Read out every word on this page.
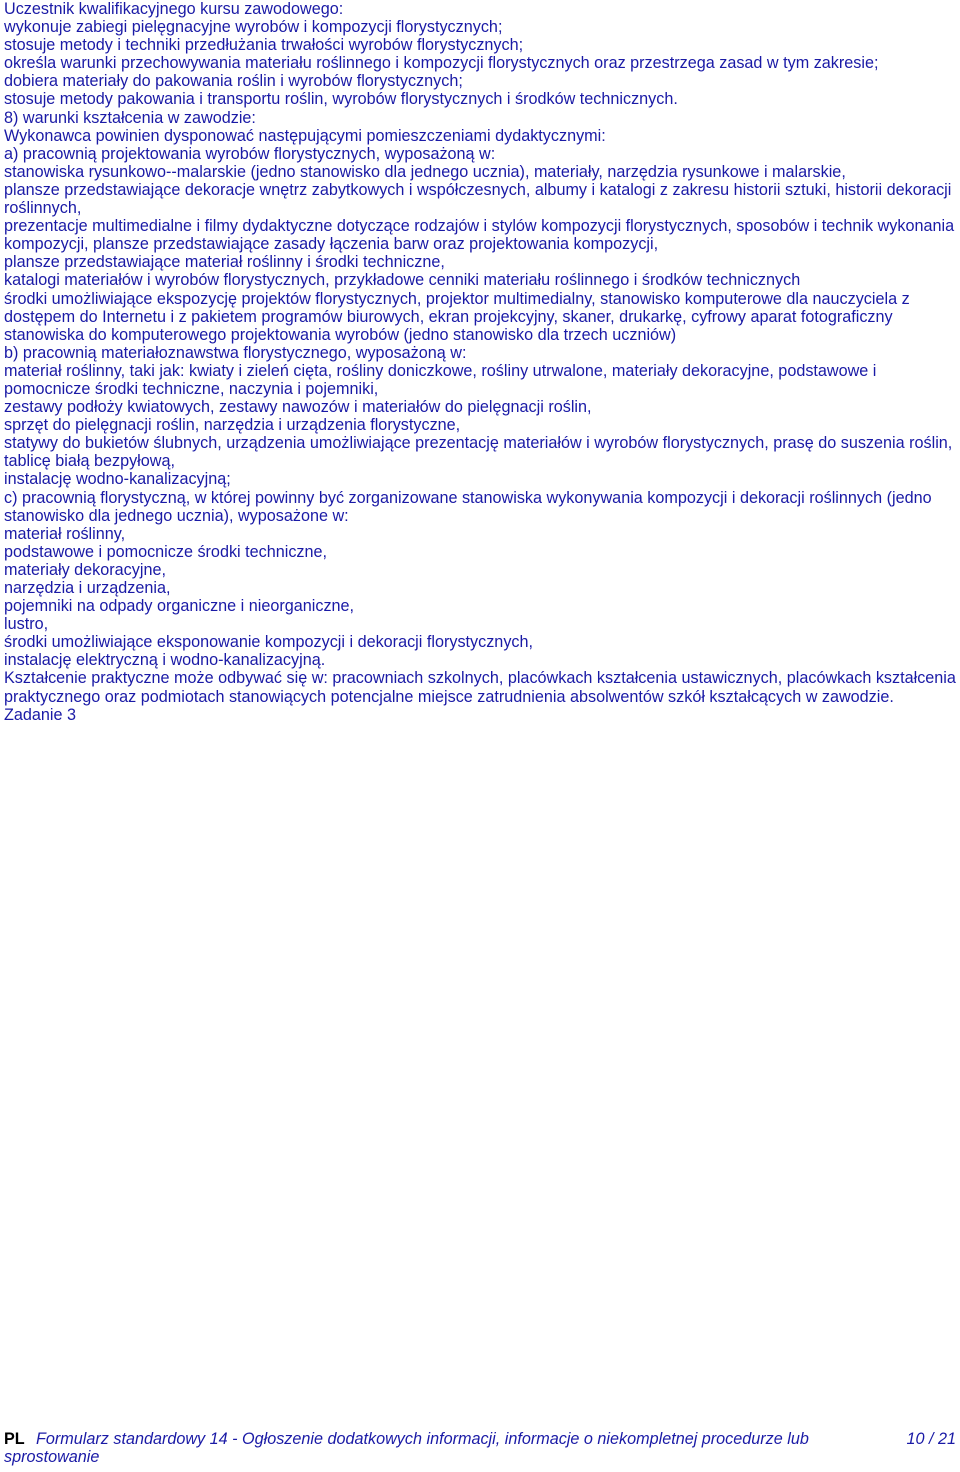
Uczestnik kwalifikacyjnego kursu zawodowego:
wykonuje zabiegi pielęgnacyjne wyrobów i kompozycji florystycznych;
stosuje metody i techniki przedłużania trwałości wyrobów florystycznych;
określa warunki przechowywania materiału roślinnego i kompozycji florystycznych oraz przestrzega zasad w tym zakresie;
dobiera materiały do pakowania roślin i wyrobów florystycznych;
stosuje metody pakowania i transportu roślin, wyrobów florystycznych i środków technicznych.
8) warunki kształcenia w zawodzie:
Wykonawca powinien dysponować następującymi pomieszczeniami dydaktycznymi:
a) pracownią projektowania wyrobów florystycznych, wyposażoną w:
stanowiska rysunkowo--malarskie (jedno stanowisko dla jednego ucznia), materiały, narzędzia rysunkowe i malarskie,
plansze przedstawiające dekoracje wnętrz zabytkowych i współczesnych, albumy i katalogi z zakresu historii sztuki, historii dekoracji roślinnych,
prezentacje multimedialne i filmy dydaktyczne dotyczące rodzajów i stylów kompozycji florystycznych, sposobów i technik wykonania kompozycji, plansze przedstawiające zasady łączenia barw oraz projektowania kompozycji,
plansze przedstawiające materiał roślinny i środki techniczne,
katalogi materiałów i wyrobów florystycznych, przykładowe cenniki materiału roślinnego i środków technicznych
środki umożliwiające ekspozycję projektów florystycznych, projektor multimedialny, stanowisko komputerowe dla nauczyciela z dostępem do Internetu i z pakietem programów biurowych, ekran projekcyjny, skaner, drukarkę, cyfrowy aparat fotograficzny
stanowiska do komputerowego projektowania wyrobów (jedno stanowisko dla trzech uczniów)
b) pracownią materiałoznawstwa florystycznego, wyposażoną w:
materiał roślinny, taki jak: kwiaty i zieleń cięta, rośliny doniczkowe, rośliny utrwalone, materiały dekoracyjne, podstawowe i pomocnicze środki techniczne, naczynia i pojemniki,
zestawy podłoży kwiatowych, zestawy nawozów i materiałów do pielęgnacji roślin,
sprzęt do pielęgnacji roślin, narzędzia i urządzenia florystyczne,
statywy do bukietów ślubnych, urządzenia umożliwiające prezentację materiałów i wyrobów florystycznych, prasę do suszenia roślin,
tablicę białą bezpyłową,
instalację wodno-kanalizacyjną;
c) pracownią florystyczną, w której powinny być zorganizowane stanowiska wykonywania kompozycji i dekoracji roślinnych (jedno stanowisko dla jednego ucznia), wyposażone w:
materiał roślinny,
podstawowe i pomocnicze środki techniczne,
materiały dekoracyjne,
narzędzia i urządzenia,
pojemniki na odpady organiczne i nieorganiczne,
lustro,
środki umożliwiające eksponowanie kompozycji i dekoracji florystycznych,
instalację elektryczną i wodno-kanalizacyjną.
Kształcenie praktyczne może odbywać się w: pracowniach szkolnych, placówkach kształcenia ustawicznych, placówkach kształcenia praktycznego oraz podmiotach stanowiących potencjalne miejsce zatrudnienia absolwentów szkół kształcących w zawodzie.
Zadanie 3
Formularz standardowy 14 - Ogłoszenie dodatkowych informacji, informacje o niekompletnej procedurze lub sprostowanie
PL	10 / 21
